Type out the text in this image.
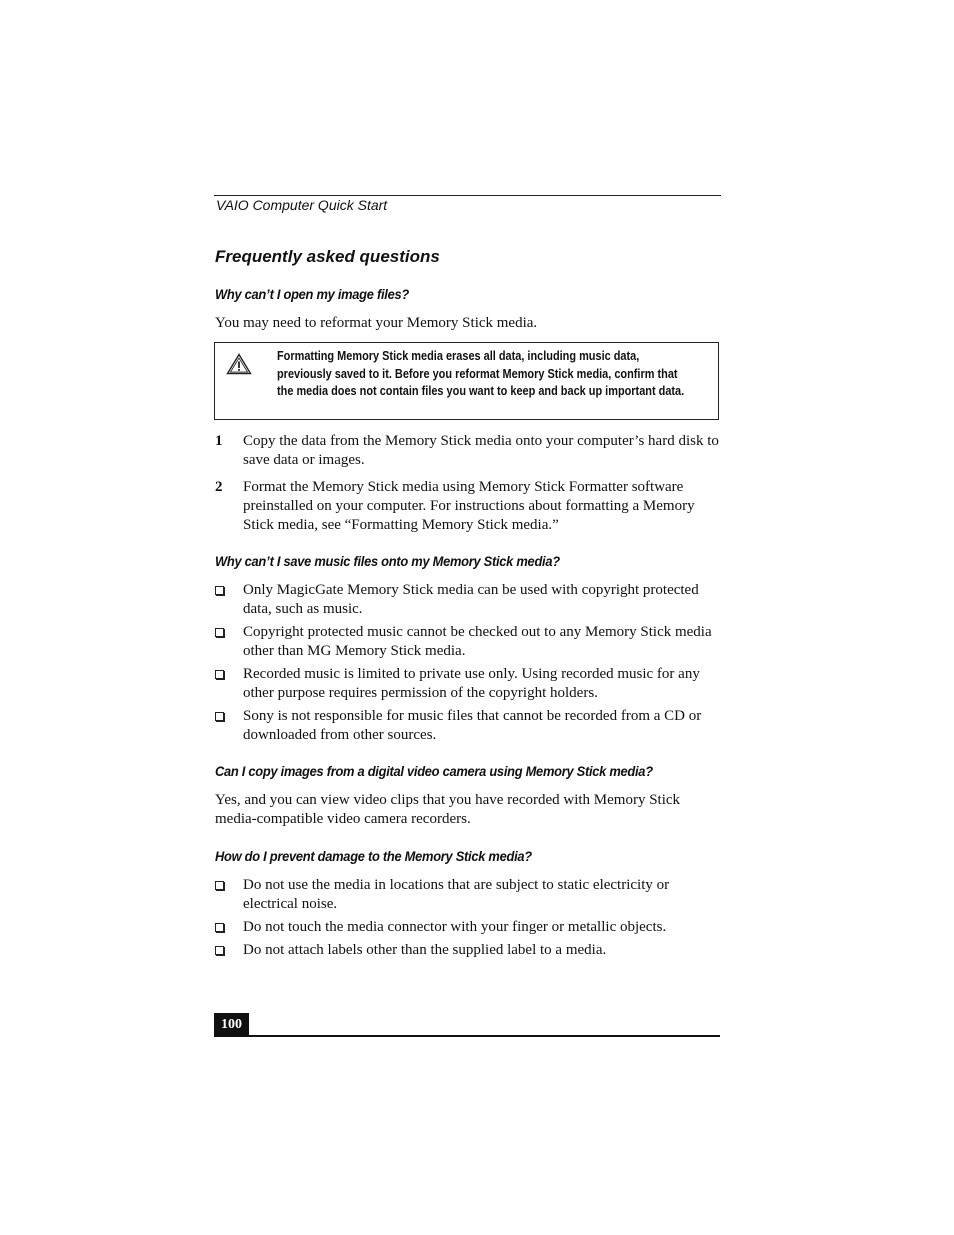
VAIO Computer Quick Start
Frequently asked questions
Why can’t I open my image files?
You may need to reformat your Memory Stick media.
Formatting Memory Stick media erases all data, including music data, previously saved to it. Before you reformat Memory Stick media, confirm that the media does not contain files you want to keep and back up important data.
1 Copy the data from the Memory Stick media onto your computer’s hard disk to save data or images.
2 Format the Memory Stick media using Memory Stick Formatter software preinstalled on your computer. For instructions about formatting a Memory Stick media, see “Formatting Memory Stick media.”
Why can’t I save music files onto my Memory Stick media?
Only MagicGate Memory Stick media can be used with copyright protected data, such as music.
Copyright protected music cannot be checked out to any Memory Stick media other than MG Memory Stick media.
Recorded music is limited to private use only. Using recorded music for any other purpose requires permission of the copyright holders.
Sony is not responsible for music files that cannot be recorded from a CD or downloaded from other sources.
Can I copy images from a digital video camera using Memory Stick media?
Yes, and you can view video clips that you have recorded with Memory Stick media-compatible video camera recorders.
How do I prevent damage to the Memory Stick media?
Do not use the media in locations that are subject to static electricity or electrical noise.
Do not touch the media connector with your finger or metallic objects.
Do not attach labels other than the supplied label to a media.
100
